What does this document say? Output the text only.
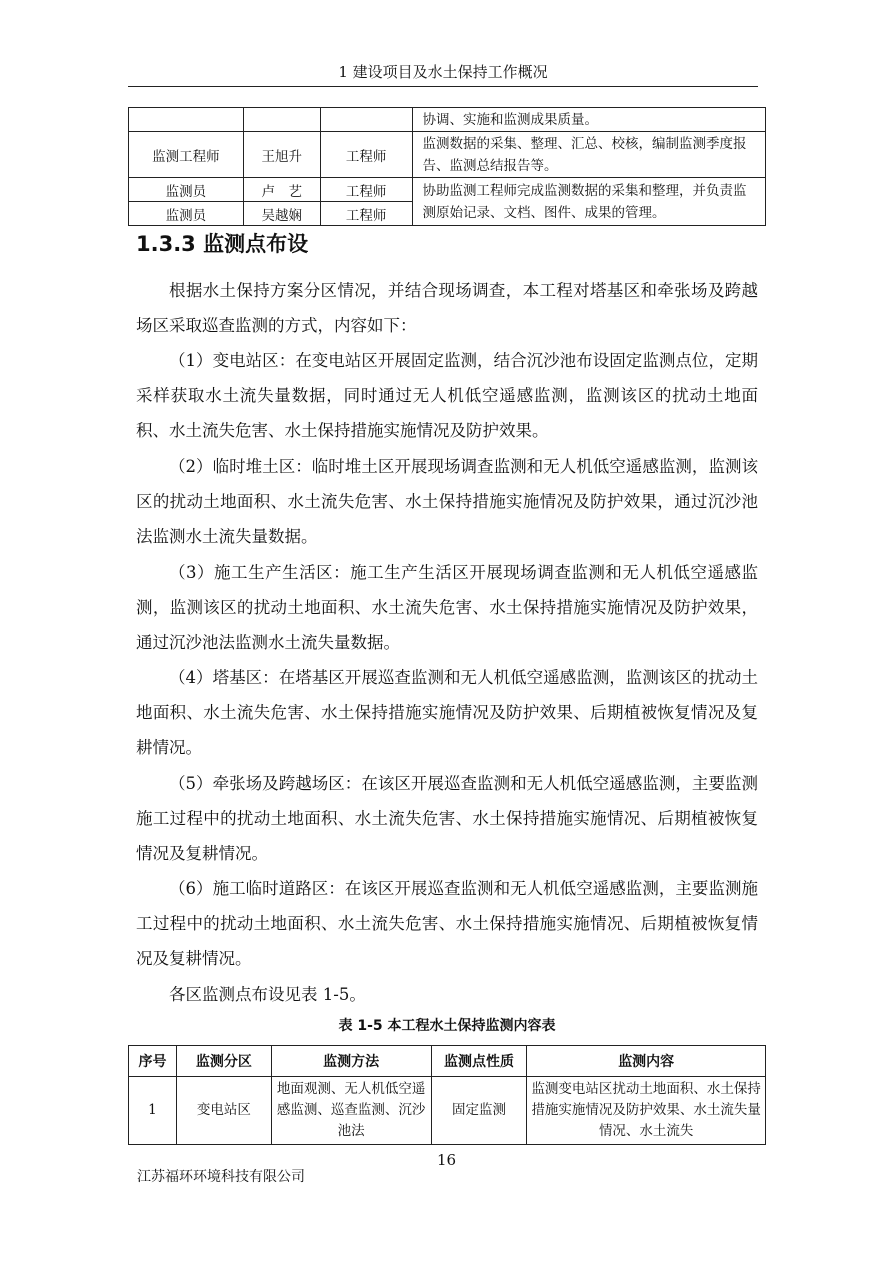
1 建设项目及水土保持工作概况
			协调、实施和监测成果质量。
监测工程师	王旭升	工程师	监测数据的采集、整理、汇总、校核，编制监测季度报告、监测总结报告等。
监测员	卢　艺	工程师	协助监测工程师完成监测数据的采集和整理，并负责监测原始记录、文档、图件、成果的管理。
监测员	吴越娴	工程师	
1.3.3 监测点布设

根据水土保持方案分区情况，并结合现场调查，本工程对塔基区和牵张场及跨越场区采取巡查监测的方式，内容如下：

（1）变电站区：在变电站区开展固定监测，结合沉沙池布设固定监测点位，定期采样获取水土流失量数据，同时通过无人机低空遥感监测，监测该区的扰动土地面积、水土流失危害、水土保持措施实施情况及防护效果。

（2）临时堆土区：临时堆土区开展现场调查监测和无人机低空遥感监测，监测该区的扰动土地面积、水土流失危害、水土保持措施实施情况及防护效果，通过沉沙池法监测水土流失量数据。

（3）施工生产生活区：施工生产生活区开展现场调查监测和无人机低空遥感监测，监测该区的扰动土地面积、水土流失危害、水土保持措施实施情况及防护效果，通过沉沙池法监测水土流失量数据。

（4）塔基区：在塔基区开展巡查监测和无人机低空遥感监测，监测该区的扰动土地面积、水土流失危害、水土保持措施实施情况及防护效果、后期植被恢复情况及复耕情况。

（5）牵张场及跨越场区：在该区开展巡查监测和无人机低空遥感监测，主要监测施工过程中的扰动土地面积、水土流失危害、水土保持措施实施情况、后期植被恢复情况及复耕情况。

（6）施工临时道路区：在该区开展巡查监测和无人机低空遥感监测，主要监测施工过程中的扰动土地面积、水土流失危害、水土保持措施实施情况、后期植被恢复情况及复耕情况。

各区监测点布设见表 1-5。

表 1-5 本工程水土保持监测内容表
序号	监测分区	监测方法	监测点性质	监测内容
1	变电站区	地面观测、无人机低空遥感监测、巡查监测、沉沙池法	固定监测	监测变电站区扰动土地面积、水土保持措施实施情况及防护效果、水土流失量情况、水土流失
16
江苏福环环境科技有限公司
